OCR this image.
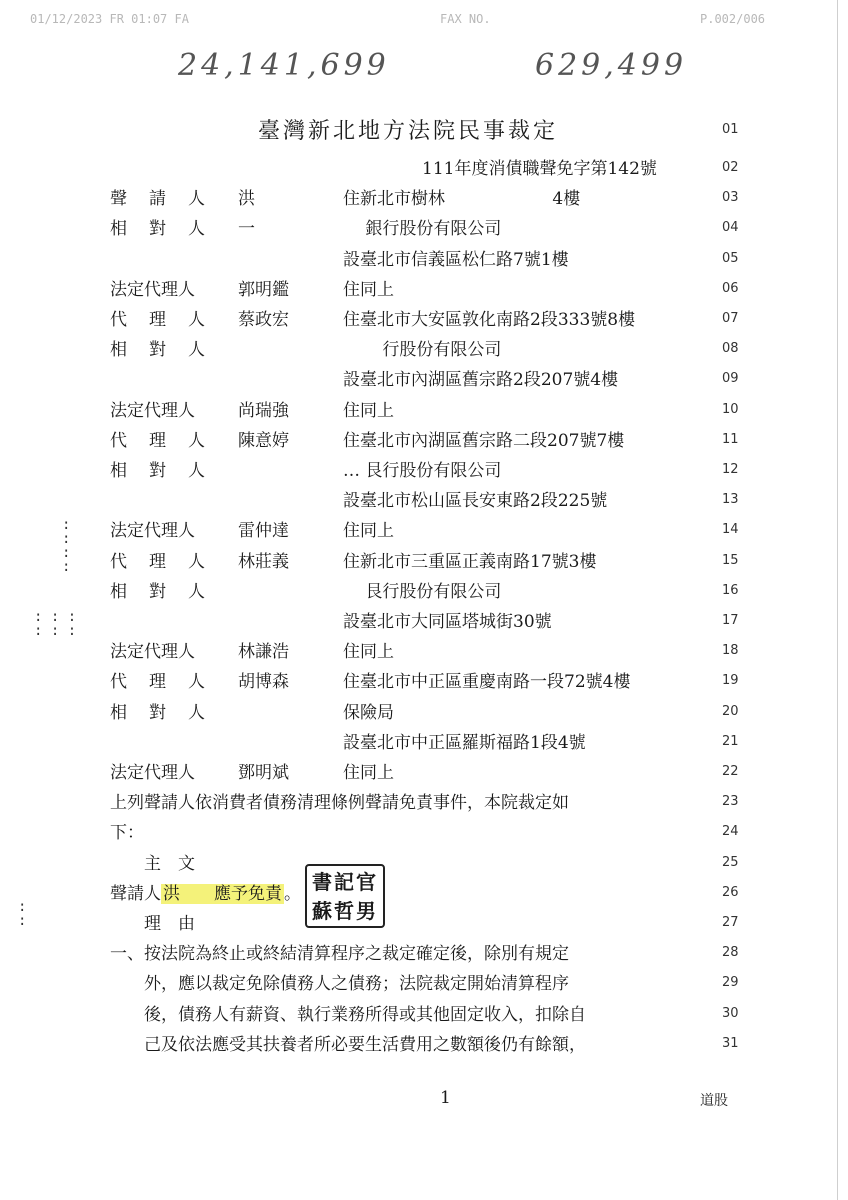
01/12/2023 FR 01:07 FA	FAX NO.	P.002/006
24,141,699	629,499
臺灣新北地方法院民事裁定	01
111年度消債職聲免字第142號	02
聲請人 洪	住新北市樹林 　　　　　　4樓	03
相對人 一	　 銀行股份有限公司	04
設臺北市信義區松仁路7號1樓	05
法定代理人	郭明鑑	住同上	06
代理人 蔡政宏	住臺北市大安區敦化南路2段333號8樓	07
相對人	　　 行股份有限公司	08
設臺北市內湖區舊宗路2段207號4樓	09
法定代理人	尚瑞強	住同上	10
代理人 陳意婷	住臺北市內湖區舊宗路二段207號7樓	11
相對人	… 艮行股份有限公司	12
設臺北市松山區長安東路2段225號	13
法定代理人	雷仲達	住同上	14
代理人 林莊義	住新北市三重區正義南路17號3樓	15
相對人	　 艮行股份有限公司	16
設臺北市大同區塔城街30號	17
法定代理人	林謙浩	住同上	18
代理人 胡博森	住臺北市中正區重慶南路一段72號4樓	19
相對人	保險局	20
設臺北市中正區羅斯福路1段4號	21
法定代理人	鄧明斌	住同上	22
上列聲請人依消費者債務清理條例聲請免責事件，本院裁定如	23
下：	24
　　主　文	25
聲請人 洪　　應予免責 。	26
　　理　由	27
一、按法院為終止或終結清算程序之裁定確定後，除別有規定	28
　　外，應以裁定免除債務人之債務；法院裁定開始清算程序	29
　　後，債務人有薪資、執行業務所得或其他固定收入，扣除自	30
　　己及依法應受其扶養者所必要生活費用之數額後仍有餘額，	31
書記官
蘇哲男
:
:
:
:
: : :
: : :
:
:
1	道股
